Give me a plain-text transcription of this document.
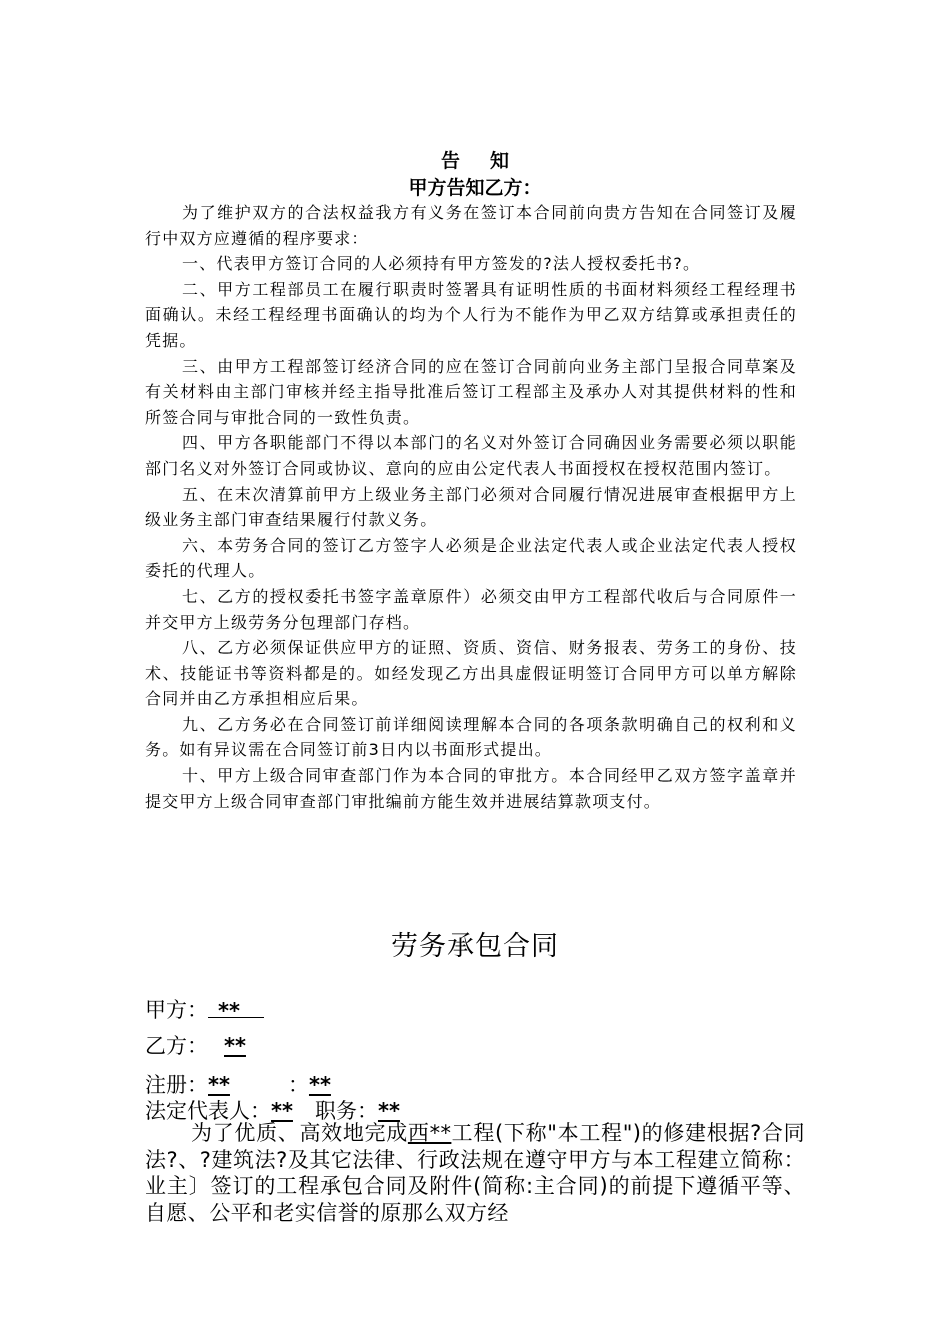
告知
甲方告知乙方：

为了维护双方的合法权益我方有义务在签订本合同前向贵方告知在合同签订及履行中双方应遵循的程序要求：

一、代表甲方签订合同的人必须持有甲方签发的?法人授权委托书?。

二、甲方工程部员工在履行职责时签署具有证明性质的书面材料须经工程经理书面确认。未经工程经理书面确认的均为个人行为不能作为甲乙双方结算或承担责任的凭据。

三、由甲方工程部签订经济合同的应在签订合同前向业务主部门呈报合同草案及有关材料由主部门审核并经主指导批准后签订工程部主及承办人对其提供材料的性和所签合同与审批合同的一致性负责。

四、甲方各职能部门不得以本部门的名义对外签订合同确因业务需要必须以职能部门名义对外签订合同或协议、意向的应由公定代表人书面授权在授权范围内签订。

五、在末次清算前甲方上级业务主部门必须对合同履行情况进展审查根据甲方上级业务主部门审查结果履行付款义务。

六、本劳务合同的签订乙方签字人必须是企业法定代表人或企业法定代表人授权委托的代理人。

七、乙方的授权委托书签字盖章原件）必须交由甲方工程部代收后与合同原件一并交甲方上级劳务分包理部门存档。

八、乙方必须保证供应甲方的证照、资质、资信、财务报表、劳务工的身份、技术、技能证书等资料都是的。如经发现乙方出具虚假证明签订合同甲方可以单方解除合同并由乙方承担相应后果。

九、乙方务必在合同签订前详细阅读理解本合同的各项条款明确自己的权利和义务。如有异议需在合同签订前3日内以书面形式提出。

十、甲方上级合同审查部门作为本合同的审批方。本合同经甲乙双方签字盖章并提交甲方上级合同审查部门审批编前方能生效并进展结算款项支付。

劳务承包合同
甲方： **
乙方： **
注册：**	：**
法定代表人：** 职务：**

为了优质、高效地完成西**工程(下称"本工程")的修建根据?合同法?、?建筑法?及其它法律、行政法规在遵守甲方与本工程建立简称：业主〕签订的工程承包合同及附件(简称:主合同)的前提下遵循平等、自愿、公平和老实信誉的原那么双方经
